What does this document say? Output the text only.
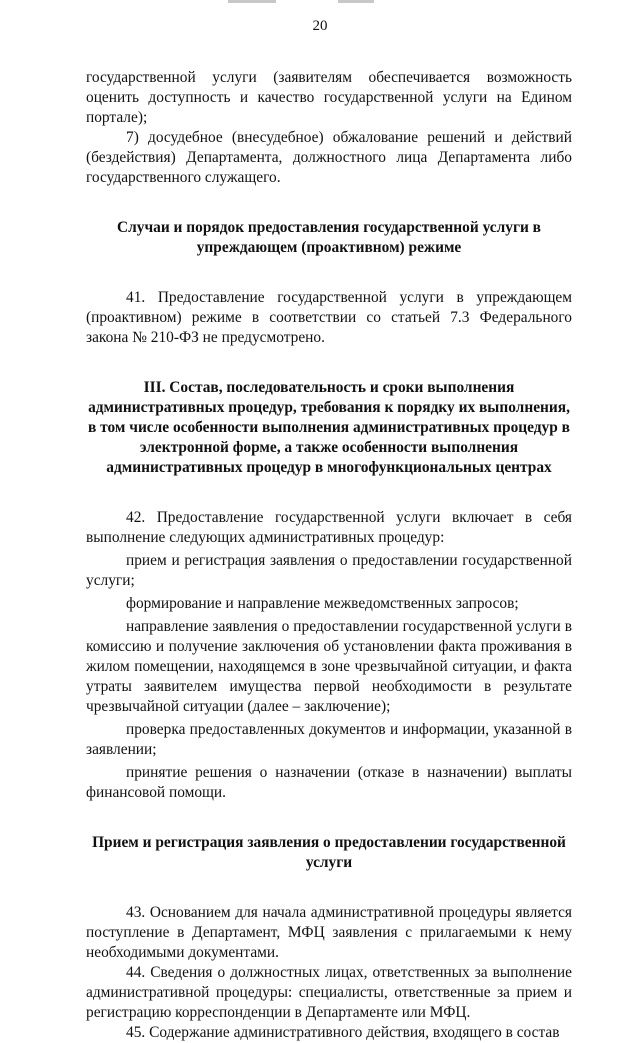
20

государственной услуги (заявителям обеспечивается возможность оценить доступность и качество государственной услуги на Едином портале);

7) досудебное (внесудебное) обжалование решений и действий (бездействия) Департамента, должностного лица Департамента либо государственного служащего.

Случаи и порядок предоставления государственной услуги в упреждающем (проактивном) режиме

41. Предоставление государственной услуги в упреждающем (проактивном) режиме в соответствии со статьей 7.3 Федерального закона № 210-ФЗ не предусмотрено.

III. Состав, последовательность и сроки выполнения административных процедур, требования к порядку их выполнения, в том числе особенности выполнения административных процедур в электронной форме, а также особенности выполнения административных процедур в многофункциональных центрах

42. Предоставление государственной услуги включает в себя выполнение следующих административных процедур:

прием и регистрация заявления о предоставлении государственной услуги;

формирование и направление межведомственных запросов;

направление заявления о предоставлении государственной услуги в комиссию и получение заключения об установлении факта проживания в жилом помещении, находящемся в зоне чрезвычайной ситуации, и факта утраты заявителем имущества первой необходимости в результате чрезвычайной ситуации (далее – заключение);

проверка предоставленных документов и информации, указанной в заявлении;

принятие решения о назначении (отказе в назначении) выплаты финансовой помощи.

Прием и регистрация заявления о предоставлении государственной услуги

43. Основанием для начала административной процедуры является поступление в Департамент, МФЦ заявления с прилагаемыми к нему необходимыми документами.

44. Сведения о должностных лицах, ответственных за выполнение административной процедуры: специалисты, ответственные за прием и регистрацию корреспонденции в Департаменте или МФЦ.

45. Содержание административного действия, входящего в состав
